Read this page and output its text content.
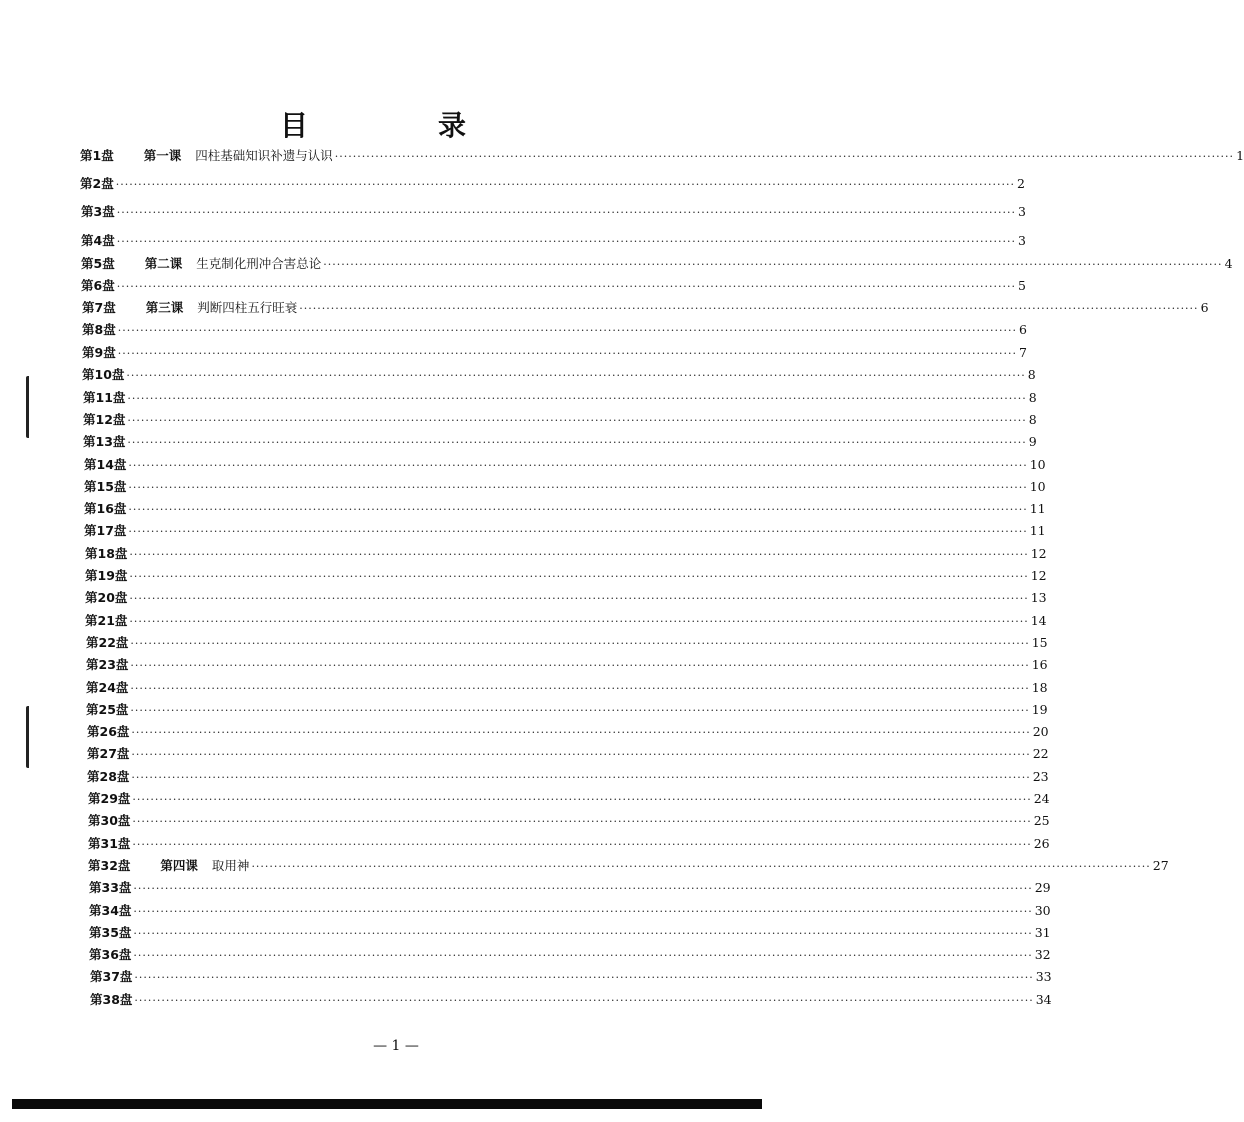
目	录
第1盘 第一课 四柱基础知识补遗与认识 ········································································································································································································ 1
第2盘 ········································································································································································································ 2
第3盘 ········································································································································································································ 3
第4盘 ········································································································································································································ 3
第5盘 第二课 生克制化刑冲合害总论 ········································································································································································································ 4
第6盘 ········································································································································································································ 5
第7盘 第三课 判断四柱五行旺衰 ········································································································································································································ 6
第8盘 ········································································································································································································ 6
第9盘 ········································································································································································································ 7
第10盘 ········································································································································································································ 8
第11盘 ········································································································································································································ 8
第12盘 ········································································································································································································ 8
第13盘 ········································································································································································································ 9
第14盘 ········································································································································································································ 10
第15盘 ········································································································································································································ 10
第16盘 ········································································································································································································ 11
第17盘 ········································································································································································································ 11
第18盘 ········································································································································································································ 12
第19盘 ········································································································································································································ 12
第20盘 ········································································································································································································ 13
第21盘 ········································································································································································································ 14
第22盘 ········································································································································································································ 15
第23盘 ········································································································································································································ 16
第24盘 ········································································································································································································ 18
第25盘 ········································································································································································································ 19
第26盘 ········································································································································································································ 20
第27盘 ········································································································································································································ 22
第28盘 ········································································································································································································ 23
第29盘 ········································································································································································································ 24
第30盘 ········································································································································································································ 25
第31盘 ········································································································································································································ 26
第32盘 第四课 取用神 ········································································································································································································ 27
第33盘 ········································································································································································································ 29
第34盘 ········································································································································································································ 30
第35盘 ········································································································································································································ 31
第36盘 ········································································································································································································ 32
第37盘 ········································································································································································································ 33
第38盘 ········································································································································································································ 34
— 1 —
